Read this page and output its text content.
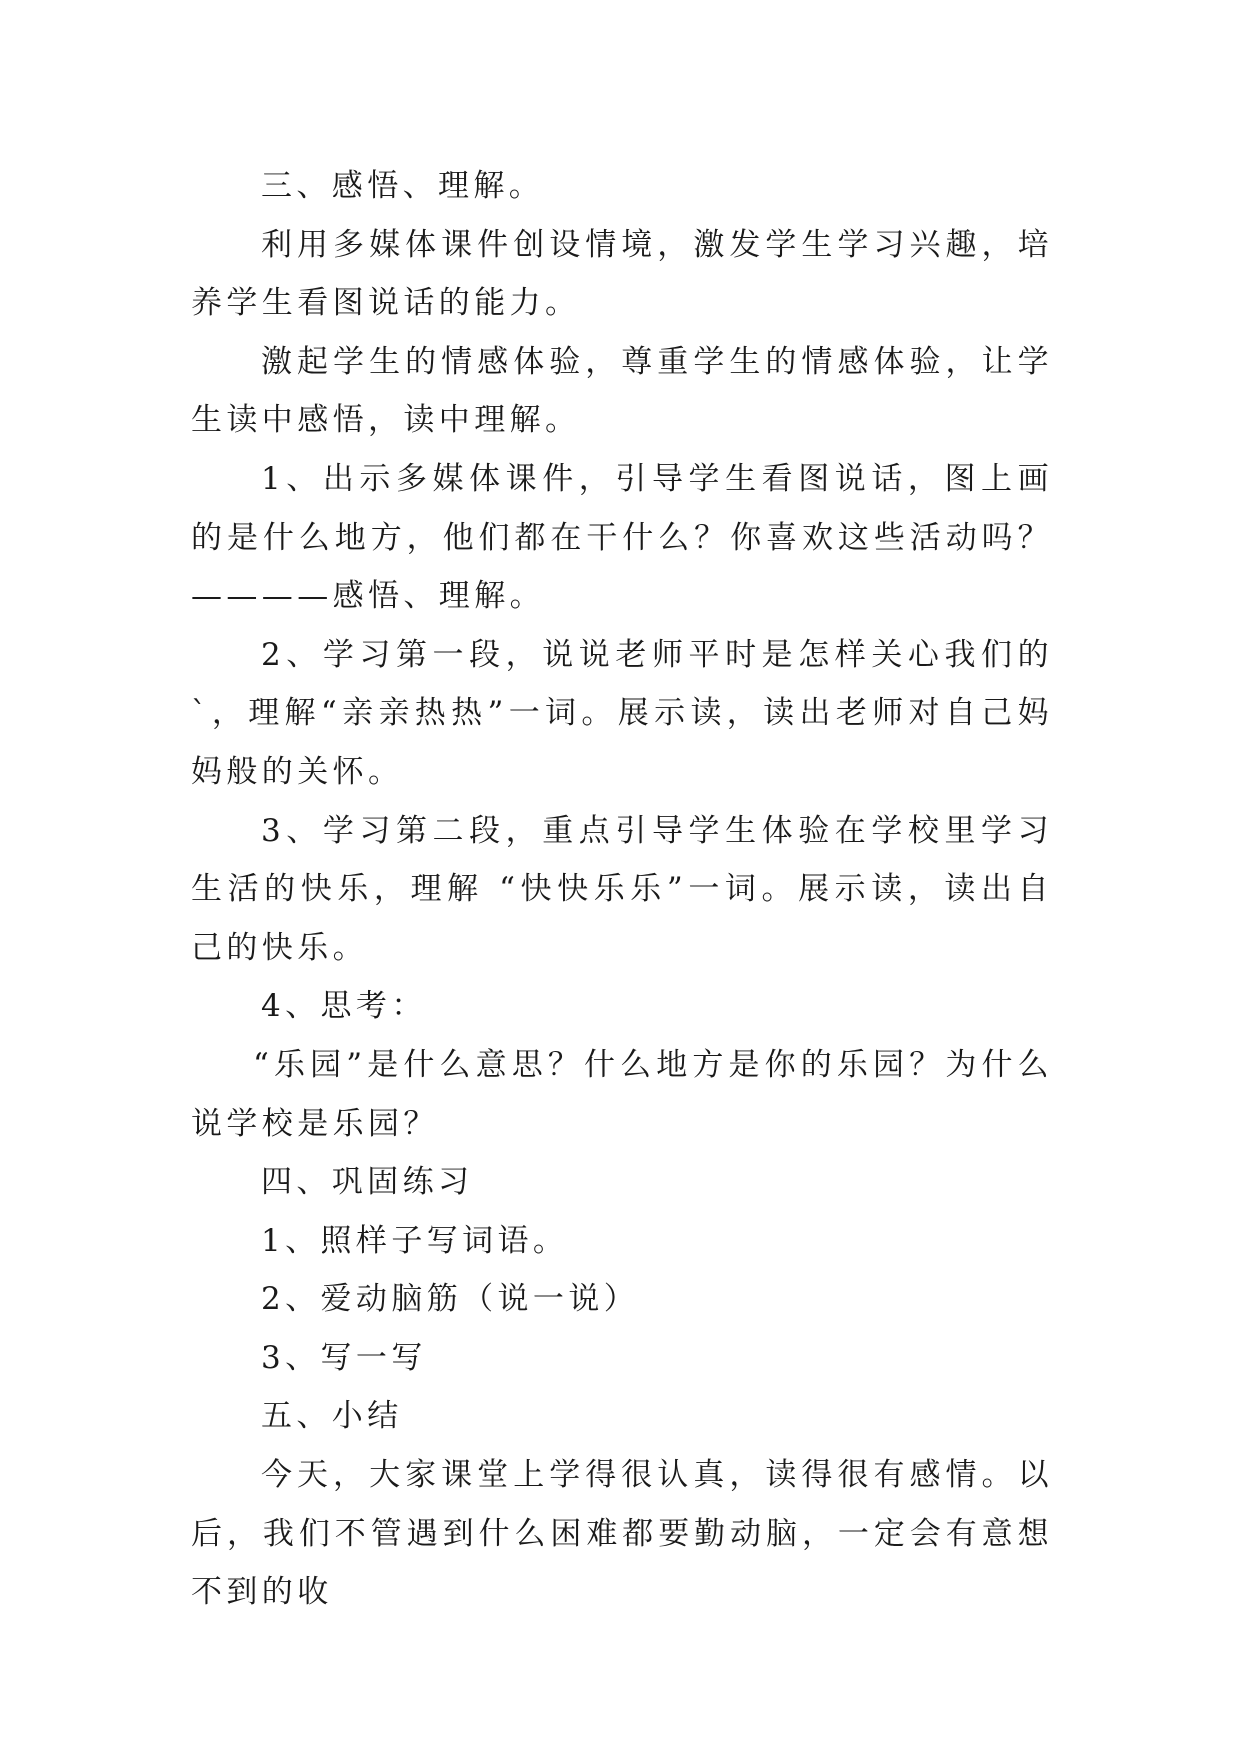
三、感悟、理解。

利用多媒体课件创设情境，激发学生学习兴趣，培养学生看图说话的能力。

激起学生的情感体验，尊重学生的情感体验，让学生读中感悟，读中理解。

1、出示多媒体课件，引导学生看图说话，图上画的是什么地方，他们都在干什么？你喜欢这些活动吗？————感悟、理解。

2、学习第一段，说说老师平时是怎样关心我们的`，理解“亲亲热热”一词。展示读，读出老师对自己妈妈般的关怀。

3、学习第二段，重点引导学生体验在学校里学习生活的快乐，理解 “快快乐乐”一词。展示读，读出自己的快乐。

4、思考：

“乐园”是什么意思？什么地方是你的乐园？为什么说学校是乐园？

四、巩固练习

1、照样子写词语。

2、爱动脑筋（说一说）

3、写一写

五、小结

今天，大家课堂上学得很认真，读得很有感情。以后，我们不管遇到什么困难都要勤动脑，一定会有意想不到的收
